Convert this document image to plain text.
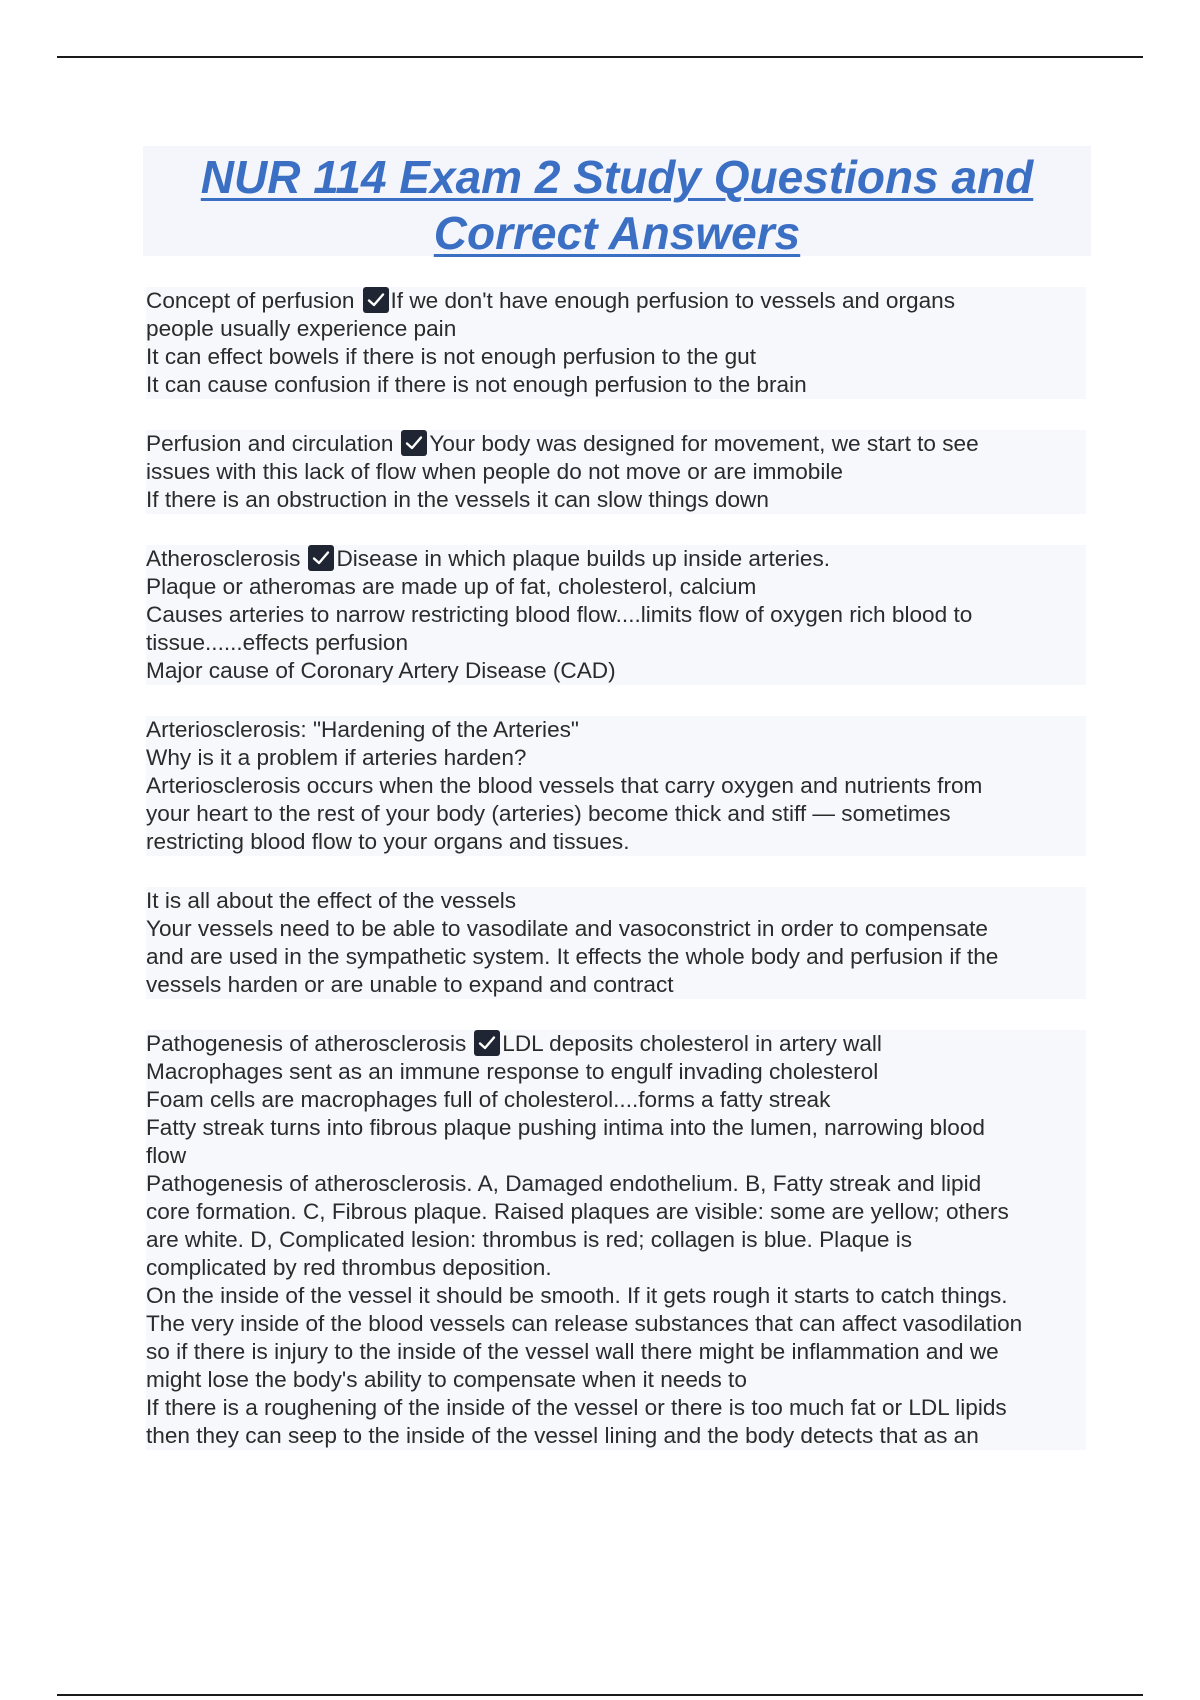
NUR 114 Exam 2 Study Questions and
Correct Answers
Concept of perfusion If we don't have enough perfusion to vessels and organs
people usually experience pain
It can effect bowels if there is not enough perfusion to the gut
It can cause confusion if there is not enough perfusion to the brain
Perfusion and circulation Your body was designed for movement, we start to see
issues with this lack of flow when people do not move or are immobile
If there is an obstruction in the vessels it can slow things down
Atherosclerosis Disease in which plaque builds up inside arteries.
Plaque or atheromas are made up of fat, cholesterol, calcium
Causes arteries to narrow restricting blood flow....limits flow of oxygen rich blood to
tissue......effects perfusion
Major cause of Coronary Artery Disease (CAD)
Arteriosclerosis: "Hardening of the Arteries"
Why is it a problem if arteries harden?
Arteriosclerosis occurs when the blood vessels that carry oxygen and nutrients from
your heart to the rest of your body (arteries) become thick and stiff — sometimes
restricting blood flow to your organs and tissues.
It is all about the effect of the vessels
Your vessels need to be able to vasodilate and vasoconstrict in order to compensate
and are used in the sympathetic system. It effects the whole body and perfusion if the
vessels harden or are unable to expand and contract
Pathogenesis of atherosclerosis LDL deposits cholesterol in artery wall
Macrophages sent as an immune response to engulf invading cholesterol
Foam cells are macrophages full of cholesterol....forms a fatty streak
Fatty streak turns into fibrous plaque pushing intima into the lumen, narrowing blood
flow
Pathogenesis of atherosclerosis. A, Damaged endothelium. B, Fatty streak and lipid
core formation. C, Fibrous plaque. Raised plaques are visible: some are yellow; others
are white. D, Complicated lesion: thrombus is red; collagen is blue. Plaque is
complicated by red thrombus deposition.
On the inside of the vessel it should be smooth. If it gets rough it starts to catch things.
The very inside of the blood vessels can release substances that can affect vasodilation
so if there is injury to the inside of the vessel wall there might be inflammation and we
might lose the body's ability to compensate when it needs to
If there is a roughening of the inside of the vessel or there is too much fat or LDL lipids
then they can seep to the inside of the vessel lining and the body detects that as an
